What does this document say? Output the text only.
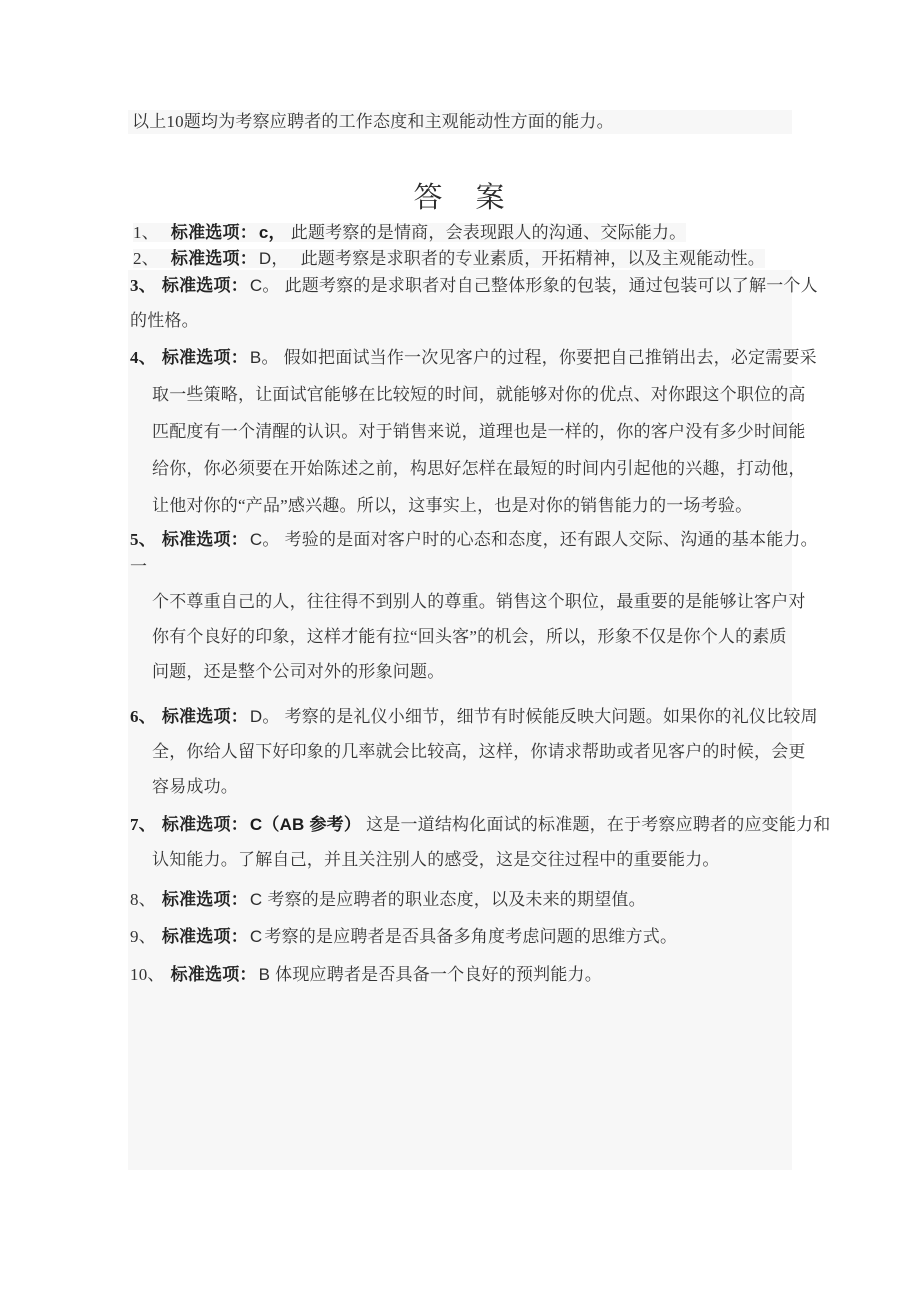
以上10题均为考察应聘者的工作态度和主观能动性方面的能力。
答　案
1、 标准选项： c， 此题考察的是情商，会表现跟人的沟通、交际能力。
2、 标准选项： D， 此题考察是求职者的专业素质，开拓精神，以及主观能动性。
3、 标准选项： C。 此题考察的是求职者对自己整体形象的包装，通过包装可以了解一个人
的性格。
4、 标准选项： B。 假如把面试当作一次见客户的过程，你要把自己推销出去，必定需要采
取一些策略，让面试官能够在比较短的时间，就能够对你的优点、对你跟这个职位的高
匹配度有一个清醒的认识。对于销售来说，道理也是一样的，你的客户没有多少时间能
给你，你必须要在开始陈述之前，构思好怎样在最短的时间内引起他的兴趣，打动他，
让他对你的“产品”感兴趣。所以，这事实上，也是对你的销售能力的一场考验。
5、 标准选项： C。 考验的是面对客户时的心态和态度，还有跟人交际、沟通的基本能力。
一
个不尊重自己的人，往往得不到别人的尊重。销售这个职位，最重要的是能够让客户对
你有个良好的印象，这样才能有拉“回头客”的机会，所以，形象不仅是你个人的素质
问题，还是整个公司对外的形象问题。
6、 标准选项： D。 考察的是礼仪小细节，细节有时候能反映大问题。如果你的礼仪比较周
全，你给人留下好印象的几率就会比较高，这样，你请求帮助或者见客户的时候，会更
容易成功。
7、 标准选项： C（AB 参考） 这是一道结构化面试的标准题，在于考察应聘者的应变能力和
认知能力。了解自己，并且关注别人的感受，这是交往过程中的重要能力。
8、 标准选项： C 考察的是应聘者的职业态度，以及未来的期望值。
9、 标准选项： C 考察的是应聘者是否具备多角度考虑问题的思维方式。
10、 标准选项： B 体现应聘者是否具备一个良好的预判能力。
